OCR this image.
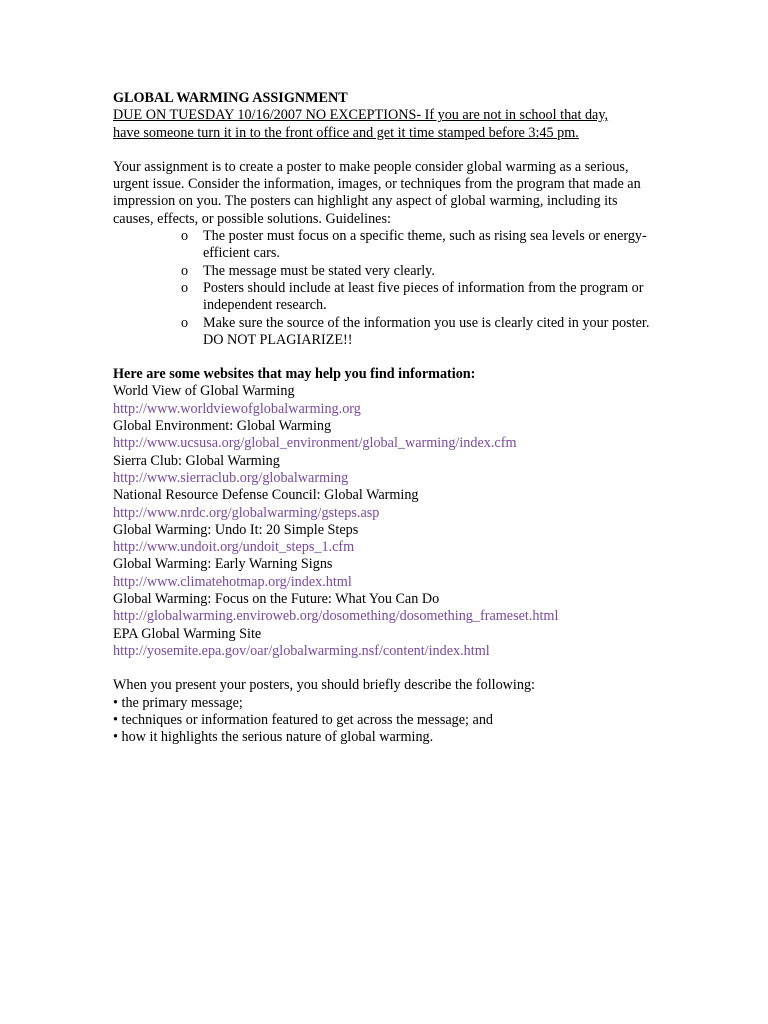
GLOBAL WARMING ASSIGNMENT

DUE ON TUESDAY 10/16/2007 NO EXCEPTIONS- If you are not in school that day,

have someone turn it in to the front office and get it time stamped before 3:45 pm.

Your assignment is to create a poster to make people consider global warming as a serious, urgent issue. Consider the information, images, or techniques from the program that made an impression on you. The posters can highlight any aspect of global warming, including its causes, effects, or possible solutions. Guidelines:

o The poster must focus on a specific theme, such as rising sea levels or energy-efficient cars.
o The message must be stated very clearly.
o Posters should include at least five pieces of information from the program or independent research.
o Make sure the source of the information you use is clearly cited in your poster. DO NOT PLAGIARIZE!!

Here are some websites that may help you find information:

World View of Global Warming

http://www.worldviewofglobalwarming.org

Global Environment: Global Warming

http://www.ucsusa.org/global_environment/global_warming/index.cfm

Sierra Club: Global Warming

http://www.sierraclub.org/globalwarming

National Resource Defense Council: Global Warming

http://www.nrdc.org/globalwarming/gsteps.asp

Global Warming: Undo It: 20 Simple Steps

http://www.undoit.org/undoit_steps_1.cfm

Global Warming: Early Warning Signs

http://www.climatehotmap.org/index.html

Global Warming: Focus on the Future: What You Can Do

http://globalwarming.enviroweb.org/dosomething/dosomething_frameset.html

EPA Global Warming Site

http://yosemite.epa.gov/oar/globalwarming.nsf/content/index.html

When you present your posters, you should briefly describe the following:

• the primary message;

• techniques or information featured to get across the message; and

• how it highlights the serious nature of global warming.
